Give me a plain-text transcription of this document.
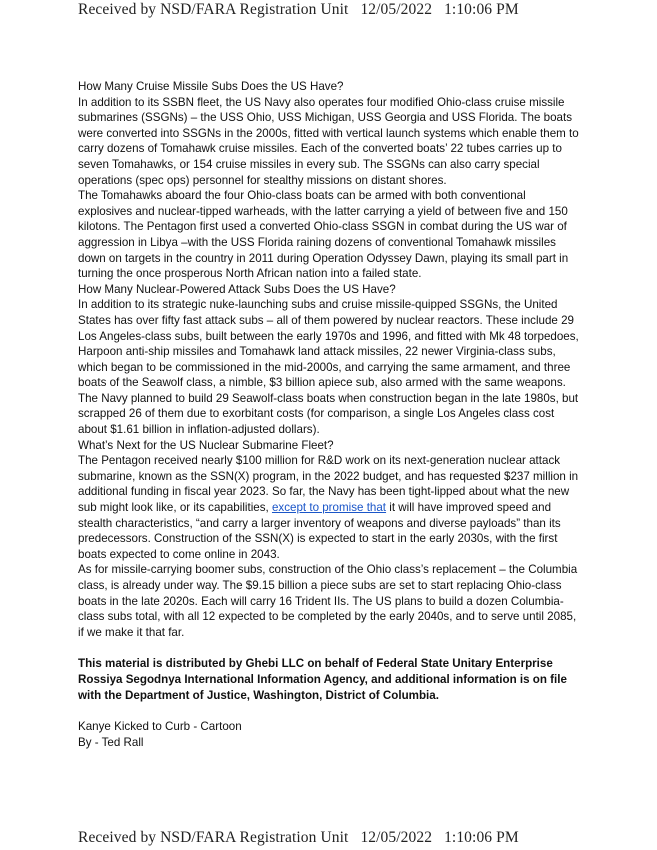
Received by NSD/FARA Registration Unit 12/05/2022 1:10:06 PM

How Many Cruise Missile Subs Does the US Have?

In addition to its SSBN fleet, the US Navy also operates four modified Ohio-class cruise missile submarines (SSGNs) – the USS Ohio, USS Michigan, USS Georgia and USS Florida. The boats were converted into SSGNs in the 2000s, fitted with vertical launch systems which enable them to carry dozens of Tomahawk cruise missiles. Each of the converted boats’ 22 tubes carries up to seven Tomahawks, or 154 cruise missiles in every sub. The SSGNs can also carry special operations (spec ops) personnel for stealthy missions on distant shores.

The Tomahawks aboard the four Ohio-class boats can be armed with both conventional explosives and nuclear-tipped warheads, with the latter carrying a yield of between five and 150 kilotons. The Pentagon first used a converted Ohio-class SSGN in combat during the US war of aggression in Libya –with the USS Florida raining dozens of conventional Tomahawk missiles down on targets in the country in 2011 during Operation Odyssey Dawn, playing its small part in turning the once prosperous North African nation into a failed state.

How Many Nuclear-Powered Attack Subs Does the US Have?

In addition to its strategic nuke-launching subs and cruise missile-quipped SSGNs, the United States has over fifty fast attack subs – all of them powered by nuclear reactors. These include 29 Los Angeles-class subs, built between the early 1970s and 1996, and fitted with Mk 48 torpedoes, Harpoon anti-ship missiles and Tomahawk land attack missiles, 22 newer Virginia-class subs, which began to be commissioned in the mid-2000s, and carrying the same armament, and three boats of the Seawolf class, a nimble, $3 billion apiece sub, also armed with the same weapons. The Navy planned to build 29 Seawolf-class boats when construction began in the late 1980s, but scrapped 26 of them due to exorbitant costs (for comparison, a single Los Angeles class cost about $1.61 billion in inflation-adjusted dollars).

What’s Next for the US Nuclear Submarine Fleet?

The Pentagon received nearly $100 million for R&D work on its next-generation nuclear attack submarine, known as the SSN(X) program, in the 2022 budget, and has requested $237 million in additional funding in fiscal year 2023. So far, the Navy has been tight-lipped about what the new sub might look like, or its capabilities, except to promise that it will have improved speed and stealth characteristics, “and carry a larger inventory of weapons and diverse payloads” than its predecessors. Construction of the SSN(X) is expected to start in the early 2030s, with the first boats expected to come online in 2043.

As for missile-carrying boomer subs, construction of the Ohio class’s replacement – the Columbia class, is already under way. The $9.15 billion a piece subs are set to start replacing Ohio-class boats in the late 2020s. Each will carry 16 Trident IIs. The US plans to build a dozen Columbia-class subs total, with all 12 expected to be completed by the early 2040s, and to serve until 2085, if we make it that far.

This material is distributed by Ghebi LLC on behalf of Federal State Unitary Enterprise Rossiya Segodnya International Information Agency, and additional information is on file with the Department of Justice, Washington, District of Columbia.

Kanye Kicked to Curb - Cartoon

By - Ted Rall

Received by NSD/FARA Registration Unit 12/05/2022 1:10:06 PM
